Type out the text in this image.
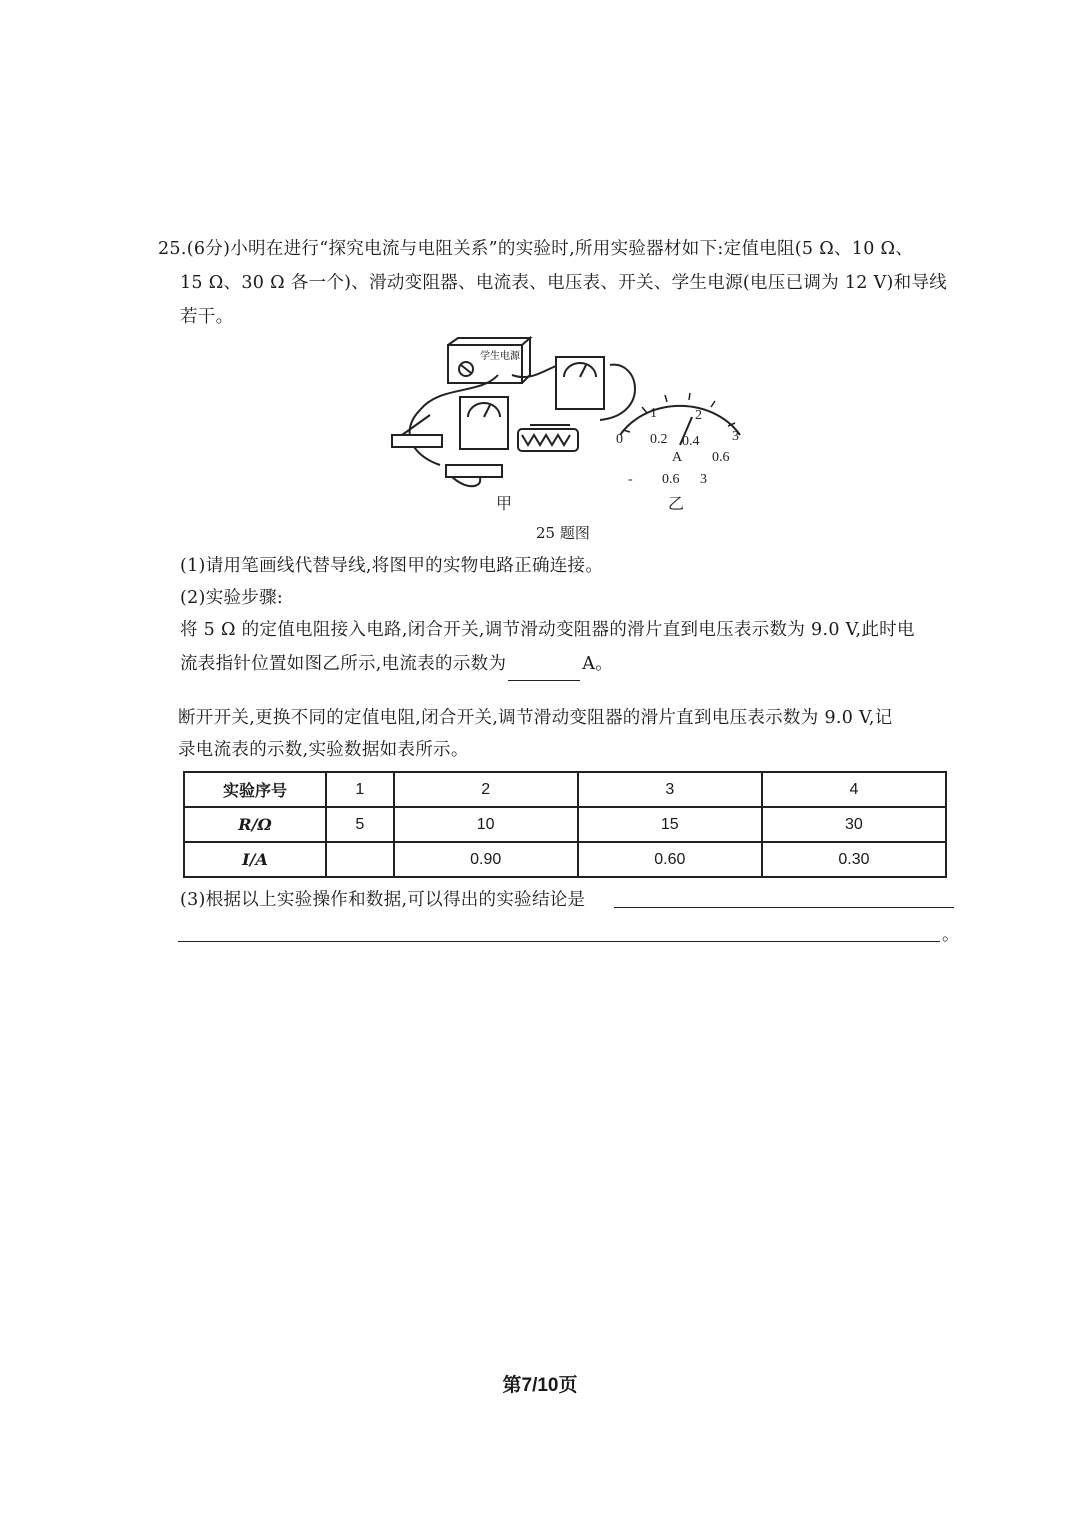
25.(6分)小明在进行“探究电流与电阻关系”的实验时,所用实验器材如下:定值电阻(5 Ω、10 Ω、
15 Ω、30 Ω 各一个)、滑动变阻器、电流表、电压表、开关、学生电源(电压已调为 12 V)和导线
若干。
学生电源
0
1	2
3
0.2 0.4
0.6
A
- 0.6 3
甲	乙
25 题图
(1)请用笔画线代替导线,将图甲的实物电路正确连接。
(2)实验步骤:
将 5 Ω 的定值电阻接入电路,闭合开关,调节滑动变阻器的滑片直到电压表示数为 9.0 V,此时电
流表指针位置如图乙所示,电流表的示数为	A。
断开开关,更换不同的定值电阻,闭合开关,调节滑动变阻器的滑片直到电压表示数为 9.0 V,记
录电流表的示数,实验数据如表所示。
实验序号	1	2	3	4
R/Ω	5	10	15	30
I/A		0.90	0.60	0.30
(3)根据以上实验操作和数据,可以得出的实验结论是
。
第7/10页
